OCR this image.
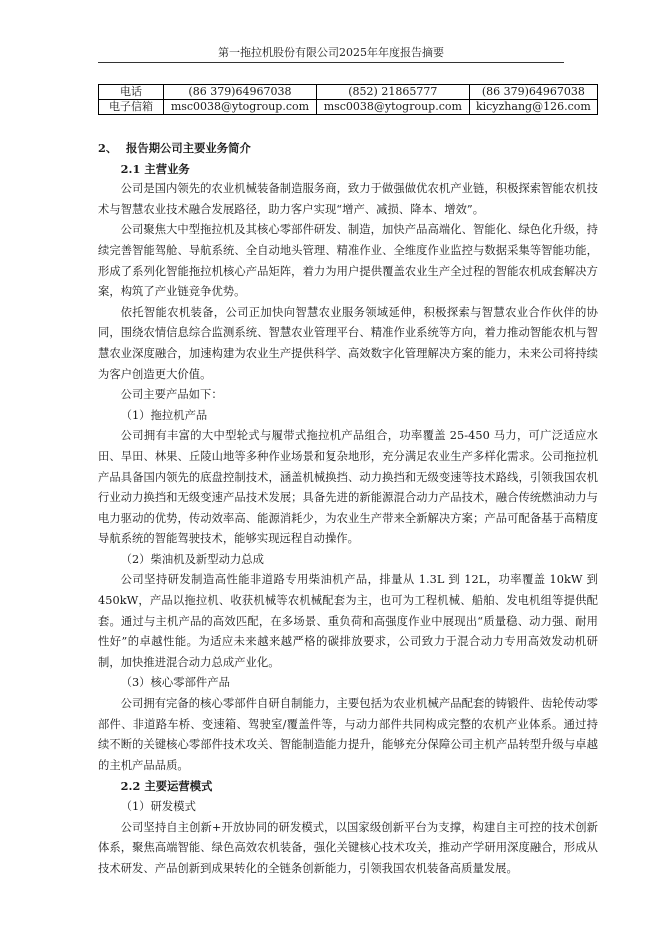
第一拖拉机股份有限公司2025年年度报告摘要
电话	(86 379)64967038	(852) 21865777	(86 379)64967038
电子信箱	msc0038@ytogroup.com	msc0038@ytogroup.com	kicyzhang@126.com

2、 报告期公司主要业务简介

2.1 主营业务

公司是国内领先的农业机械装备制造服务商，致力于做强做优农机产业链，积极探索智能农机技术与智慧农业技术融合发展路径，助力客户实现“增产、减损、降本、增效”。

公司聚焦大中型拖拉机及其核心零部件研发、制造，加快产品高端化、智能化、绿色化升级，持续完善智能驾舱、导航系统、全自动地头管理、精准作业、全维度作业监控与数据采集等智能功能，形成了系列化智能拖拉机核心产品矩阵，着力为用户提供覆盖农业生产全过程的智能农机成套解决方案，构筑了产业链竞争优势。

依托智能农机装备，公司正加快向智慧农业服务领域延伸，积极探索与智慧农业合作伙伴的协同，围绕农情信息综合监测系统、智慧农业管理平台、精准作业系统等方向，着力推动智能农机与智慧农业深度融合，加速构建为农业生产提供科学、高效数字化管理解决方案的能力，未来公司将持续为客户创造更大价值。

公司主要产品如下：

（1）拖拉机产品

公司拥有丰富的大中型轮式与履带式拖拉机产品组合，功率覆盖 25-450 马力，可广泛适应水田、旱田、林果、丘陵山地等多种作业场景和复杂地形，充分满足农业生产多样化需求。公司拖拉机产品具备国内领先的底盘控制技术，涵盖机械换挡、动力换挡和无级变速等技术路线，引领我国农机行业动力换挡和无级变速产品技术发展；具备先进的新能源混合动力产品技术，融合传统燃油动力与电力驱动的优势，传动效率高、能源消耗少，为农业生产带来全新解决方案；产品可配备基于高精度导航系统的智能驾驶技术，能够实现远程自动操作。

（2）柴油机及新型动力总成

公司坚持研发制造高性能非道路专用柴油机产品，排量从 1.3L 到 12L，功率覆盖 10kW 到 450kW，产品以拖拉机、收获机械等农机械配套为主，也可为工程机械、船舶、发电机组等提供配套。通过与主机产品的高效匹配，在多场景、重负荷和高强度作业中展现出“质量稳、动力强、耐用性好”的卓越性能。为适应未来越来越严格的碳排放要求，公司致力于混合动力专用高效发动机研制，加快推进混合动力总成产业化。

（3）核心零部件产品

公司拥有完备的核心零部件自研自制能力，主要包括为农业机械产品配套的铸锻件、齿轮传动零部件、非道路车桥、变速箱、驾驶室/覆盖件等，与动力部件共同构成完整的农机产业体系。通过持续不断的关键核心零部件技术攻关、智能制造能力提升，能够充分保障公司主机产品转型升级与卓越的主机产品品质。

2.2 主要运营模式

（1）研发模式

公司坚持自主创新+开放协同的研发模式，以国家级创新平台为支撑，构建自主可控的技术创新体系，聚焦高端智能、绿色高效农机装备，强化关键核心技术攻关，推动产学研用深度融合，形成从技术研发、产品创新到成果转化的全链条创新能力，引领我国农机装备高质量发展。
